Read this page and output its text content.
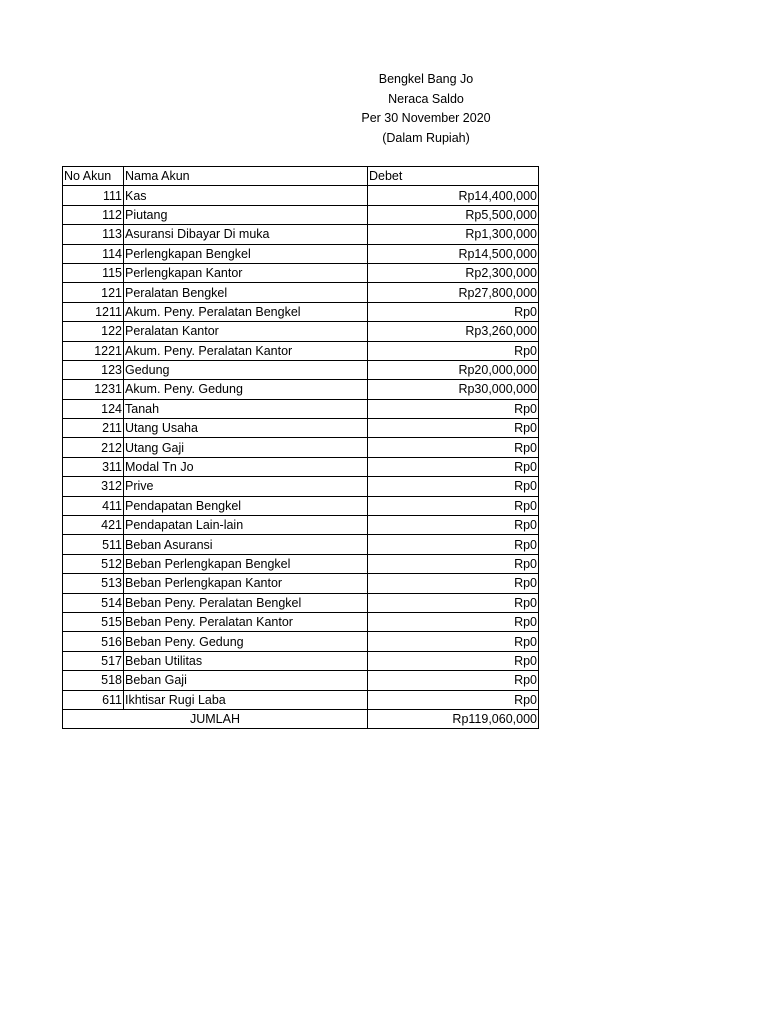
Bengkel Bang Jo
Neraca Saldo
Per 30 November 2020
(Dalam Rupiah)
No Akun	Nama Akun	Debet
111	Kas	Rp14,400,000
112	Piutang	Rp5,500,000
113	Asuransi Dibayar Di muka	Rp1,300,000
114	Perlengkapan Bengkel	Rp14,500,000
115	Perlengkapan Kantor	Rp2,300,000
121	Peralatan Bengkel	Rp27,800,000
1211	Akum. Peny. Peralatan Bengkel	Rp0
122	Peralatan Kantor	Rp3,260,000
1221	Akum. Peny. Peralatan Kantor	Rp0
123	Gedung	Rp20,000,000
1231	Akum. Peny. Gedung	Rp30,000,000
124	Tanah	Rp0
211	Utang Usaha	Rp0
212	Utang Gaji	Rp0
311	Modal Tn Jo	Rp0
312	Prive	Rp0
411	Pendapatan Bengkel	Rp0
421	Pendapatan Lain-lain	Rp0
511	Beban Asuransi	Rp0
512	Beban Perlengkapan Bengkel	Rp0
513	Beban Perlengkapan Kantor	Rp0
514	Beban Peny. Peralatan Bengkel	Rp0
515	Beban Peny. Peralatan Kantor	Rp0
516	Beban Peny. Gedung	Rp0
517	Beban Utilitas	Rp0
518	Beban Gaji	Rp0
611	Ikhtisar Rugi Laba	Rp0
JUMLAH		Rp119,060,000
